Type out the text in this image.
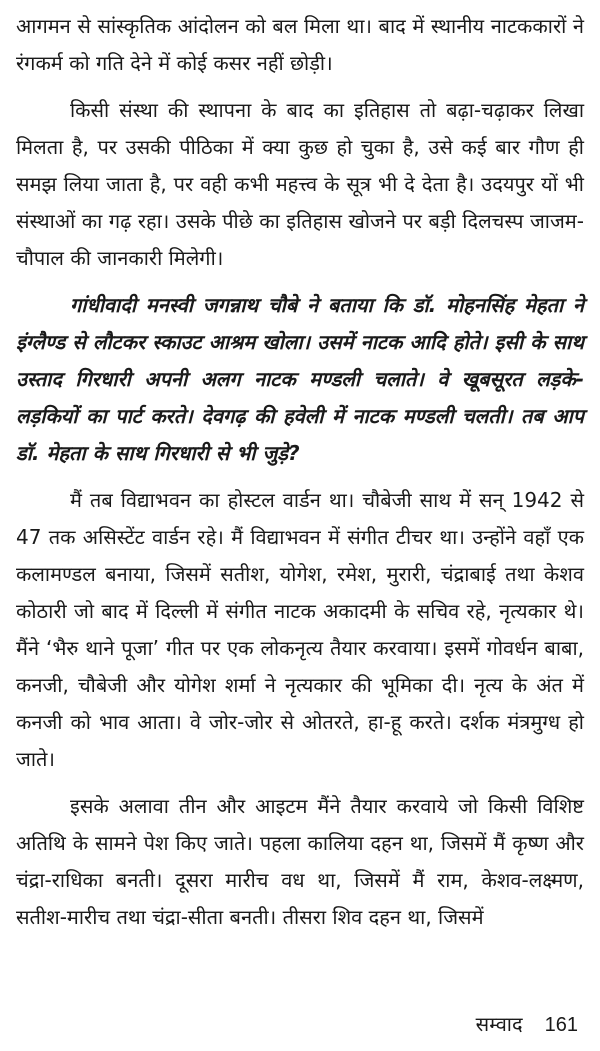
आगमन से सांस्कृतिक आंदोलन को बल मिला था। बाद में स्थानीय नाटककारों ने रंगकर्म को गति देने में कोई कसर नहीं छोड़ी।

किसी संस्था की स्थापना के बाद का इतिहास तो बढ़ा-चढ़ाकर लिखा मिलता है, पर उसकी पीठिका में क्या कुछ हो चुका है, उसे कई बार गौण ही समझ लिया जाता है, पर वही कभी महत्त्व के सूत्र भी दे देता है। उदयपुर यों भी संस्थाओं का गढ़ रहा। उसके पीछे का इतिहास खोजने पर बड़ी दिलचस्प जाजम-चौपाल की जानकारी मिलेगी।

गांधीवादी मनस्वी जगन्नाथ चौबे ने बताया कि डॉ. मोहनसिंह मेहता ने इंग्लैण्ड से लौटकर स्काउट आश्रम खोला। उसमें नाटक आदि होते। इसी के साथ उस्ताद गिरधारी अपनी अलग नाटक मण्डली चलाते। वे खूबसूरत लड़के-लड़कियों का पार्ट करते। देवगढ़ की हवेली में नाटक मण्डली चलती। तब आप डॉ. मेहता के साथ गिरधारी से भी जुड़े?

मैं तब विद्याभवन का होस्टल वार्डन था। चौबेजी साथ में सन् 1942 से 47 तक असिस्टेंट वार्डन रहे। मैं विद्याभवन में संगीत टीचर था। उन्होंने वहाँ एक कलामण्डल बनाया, जिसमें सतीश, योगेश, रमेश, मुरारी, चंद्राबाई तथा केशव कोठारी जो बाद में दिल्ली में संगीत नाटक अकादमी के सचिव रहे, नृत्यकार थे। मैंने ‘भैरु थाने पूजा’ गीत पर एक लोकनृत्य तैयार करवाया। इसमें गोवर्धन बाबा, कनजी, चौबेजी और योगेश शर्मा ने नृत्यकार की भूमिका दी। नृत्य के अंत में कनजी को भाव आता। वे जोर-जोर से ओतरते, हा-हू करते। दर्शक मंत्रमुग्ध हो जाते।

इसके अलावा तीन और आइटम मैंने तैयार करवाये जो किसी विशिष्ट अतिथि के सामने पेश किए जाते। पहला कालिया दहन था, जिसमें मैं कृष्ण और चंद्रा-राधिका बनती। दूसरा मारीच वध था, जिसमें मैं राम, केशव-लक्ष्मण, सतीश-मारीच तथा चंद्रा-सीता बनती। तीसरा शिव दहन था, जिसमें

सम्वाद 161
